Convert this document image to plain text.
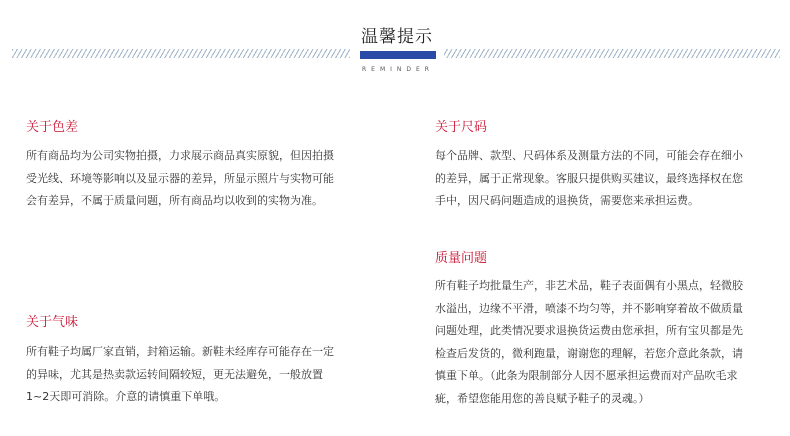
温馨提示
REMINDER
关于色差
所有商品均为公司实物拍摄，力求展示商品真实原貌，但因拍摄
受光线、环境等影响以及显示器的差异，所显示照片与实物可能
会有差异，不属于质量问题，所有商品均以收到的实物为准。
关于尺码
每个品牌、款型、尺码体系及测量方法的不同，可能会存在细小
的差异，属于正常现象。客服只提供购买建议，最终选择权在您
手中，因尺码问题造成的退换货，需要您来承担运费。
质量问题
所有鞋子均批量生产，非艺术品，鞋子表面偶有小黑点，轻微胶
水溢出，边缘不平滑，喷漆不均匀等，并不影响穿着故不做质量
问题处理，此类情况要求退换货运费由您承担，所有宝贝都是先
检查后发货的，微利跑量，谢谢您的理解，若您介意此条款，请
慎重下单。（此条为限制部分人因不愿承担运费而对产品吹毛求
疵，希望您能用您的善良赋予鞋子的灵魂。）
关于气味
所有鞋子均属厂家直销，封箱运输。新鞋未经库存可能存在一定
的异味，尤其是热卖款运转间隔较短，更无法避免，一般放置
1~2天即可消除。介意的请慎重下单哦。
